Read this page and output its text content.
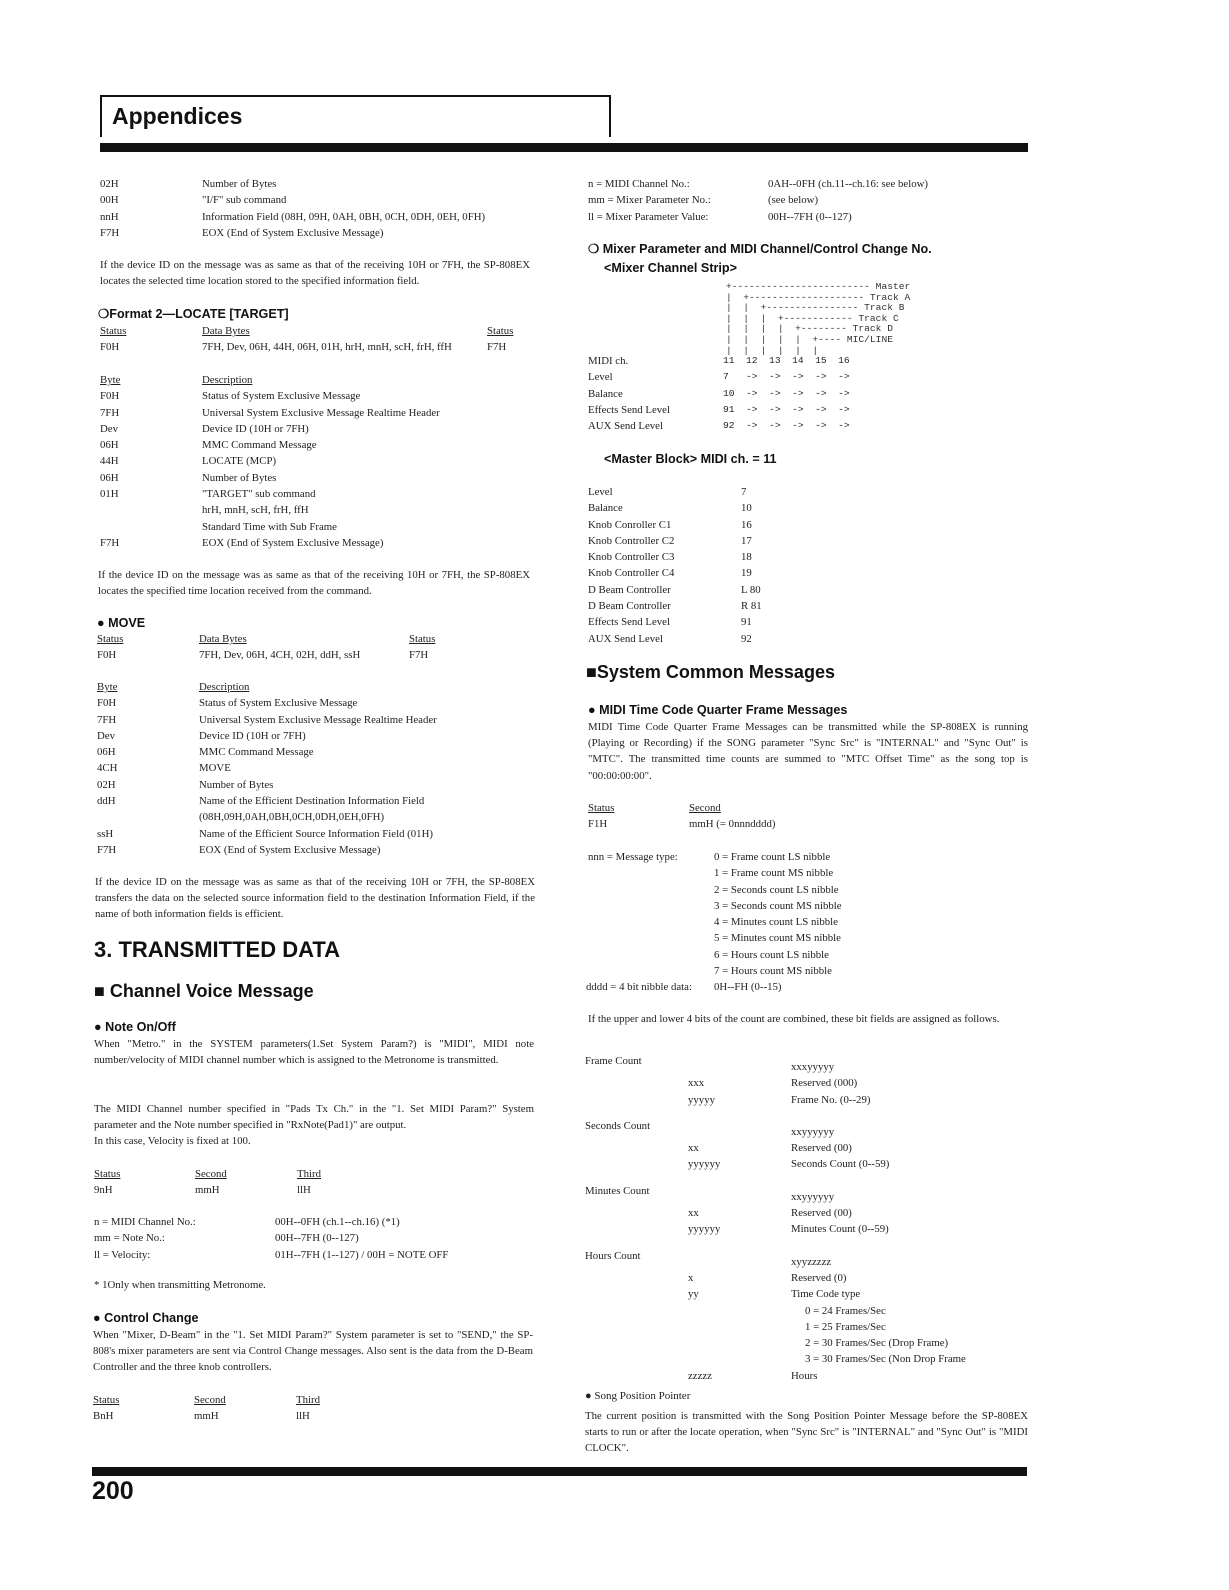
Appendices
02H	Number of Bytes
00H	"I/F" sub command
nnH	Information Field (08H, 09H, 0AH, 0BH, 0CH, 0DH, 0EH, 0FH)
F7H	EOX (End of System Exclusive Message)
If the device ID on the message was as same as that of the receiving 10H or 7FH, the SP-808EX locates the selected time location stored to the specified information field.
❍Format 2—LOCATE [TARGET]
Status	Data Bytes	Status
F0H	7FH, Dev, 06H, 44H, 06H, 01H, hrH, mnH, scH, frH, ffH	F7H
Byte	Description
F0H	Status of System Exclusive Message
7FH	Universal System Exclusive Message Realtime Header
Dev	Device ID (10H or 7FH)
06H	MMC Command Message
44H	LOCATE (MCP)
06H	Number of Bytes
01H	"TARGET" sub command
hrH, mnH, scH, frH, ffH
Standard Time with Sub Frame
F7H	EOX (End of System Exclusive Message)
If the device ID on the message was as same as that of the receiving 10H or 7FH, the SP-808EX locates the specified time location received from the command.
● MOVE
Status	Data Bytes	Status
F0H	7FH, Dev, 06H, 4CH, 02H, ddH, ssH	F7H
Byte	Description
F0H	Status of System Exclusive Message
7FH	Universal System Exclusive Message Realtime Header
Dev	Device ID (10H or 7FH)
06H	MMC Command Message
4CH	MOVE
02H	Number of Bytes
ddH	Name of the Efficient Destination Information Field
(08H,09H,0AH,0BH,0CH,0DH,0EH,0FH)
ssH	Name of the Efficient Source Information Field (01H)
F7H	EOX (End of System Exclusive Message)
If the device ID on the message was as same as that of the receiving 10H or 7FH, the SP-808EX transfers the data on the selected source information field to the destination Information Field, if the name of both information fields is efficient.
3. TRANSMITTED DATA
■ Channel Voice Message
● Note On/Off
When "Metro." in the SYSTEM parameters(1.Set System Param?) is "MIDI", MIDI note number/velocity of MIDI channel number which is assigned to the Metronome is transmitted.
The MIDI Channel number specified in "Pads Tx Ch." in the "1. Set MIDI Param?" System parameter and the Note number specified in "RxNote(Pad1)" are output.
In this case, Velocity is fixed at 100.
Status	Second	Third
9nH	mmH	llH
n = MIDI Channel No.:	00H--0FH (ch.1--ch.16) (*1)
mm = Note No.:	00H--7FH (0--127)
ll = Velocity:	01H--7FH (1--127) / 00H = NOTE OFF
* 1Only when transmitting Metronome.
● Control Change
When "Mixer, D-Beam" in the "1. Set MIDI Param?" System parameter is set to "SEND," the SP-808's mixer parameters are sent via Control Change messages. Also sent is the data from the D-Beam Controller and the three knob controllers.
Status	Second	Third
BnH	mmH	llH
n = MIDI Channel No.:	0AH--0FH (ch.11--ch.16: see below)
mm = Mixer Parameter No.:	(see below)
ll = Mixer Parameter Value:	00H--7FH (0--127)
❍ Mixer Parameter and MIDI Channel/Control Change No.
<Mixer Channel Strip>
+------------------------ Master
|  +-------------------- Track A
|  |  +---------------- Track B
|  |  |  +------------ Track C
|  |  |  |  +-------- Track D
|  |  |  |  |  +---- MIC/LINE
|  |  |  |  |  |
MIDI ch.	11  12  13  14  15  16
Level	7   ->  ->  ->  ->  ->
Balance	10  ->  ->  ->  ->  ->
Effects Send Level	91  ->  ->  ->  ->  ->
AUX Send Level	92  ->  ->  ->  ->  ->
<Master Block> MIDI ch. = 11
Level	7
Balance	10
Knob Conroller C1	16
Knob Controller C2	17
Knob Controller C3	18
Knob Controller C4	19
D Beam Controller	L 80
D Beam Controller	R 81
Effects Send Level	91
AUX Send Level	92
■System Common Messages
● MIDI Time Code Quarter Frame Messages
MIDI Time Code Quarter Frame Messages can be transmitted while the SP-808EX is running (Playing or Recording) if the SONG parameter "Sync Src" is "INTERNAL" and "Sync Out" is "MTC". The transmitted time counts are summed to "MTC Offset Time" as the song top is "00:00:00:00".
Status	Second
F1H	mmH (= 0nnndddd)
nnn = Message type:	0 = Frame count LS nibble
1 = Frame count MS nibble
2 = Seconds count LS nibble
3 = Seconds count MS nibble
4 = Minutes count LS nibble
5 = Minutes count MS nibble
6 = Hours count LS nibble
7 = Hours count MS nibble
dddd = 4 bit nibble data: 0H--FH (0--15)
If the upper and lower 4 bits of the count are combined, these bit fields are assigned as follows.
Frame Count	xxxyyyyy
xxx	Reserved (000)
yyyyy	Frame No. (0--29)
Seconds Count	xxyyyyyy
xx	Reserved (00)
yyyyyy	Seconds Count (0--59)
Minutes Count	xxyyyyyy
xx	Reserved (00)
yyyyyy	Minutes Count (0--59)
Hours Count	xyyzzzzz
x	Reserved (0)
yy	Time Code type
0 = 24 Frames/Sec
1 = 25 Frames/Sec
2 = 30 Frames/Sec (Drop Frame)
3 = 30 Frames/Sec (Non Drop Frame
zzzzz	Hours
● Song Position Pointer
The current position is transmitted with the Song Position Pointer Message before the SP-808EX starts to run or after the locate operation, when "Sync Src" is "INTERNAL" and "Sync Out" is "MIDI CLOCK".
200
